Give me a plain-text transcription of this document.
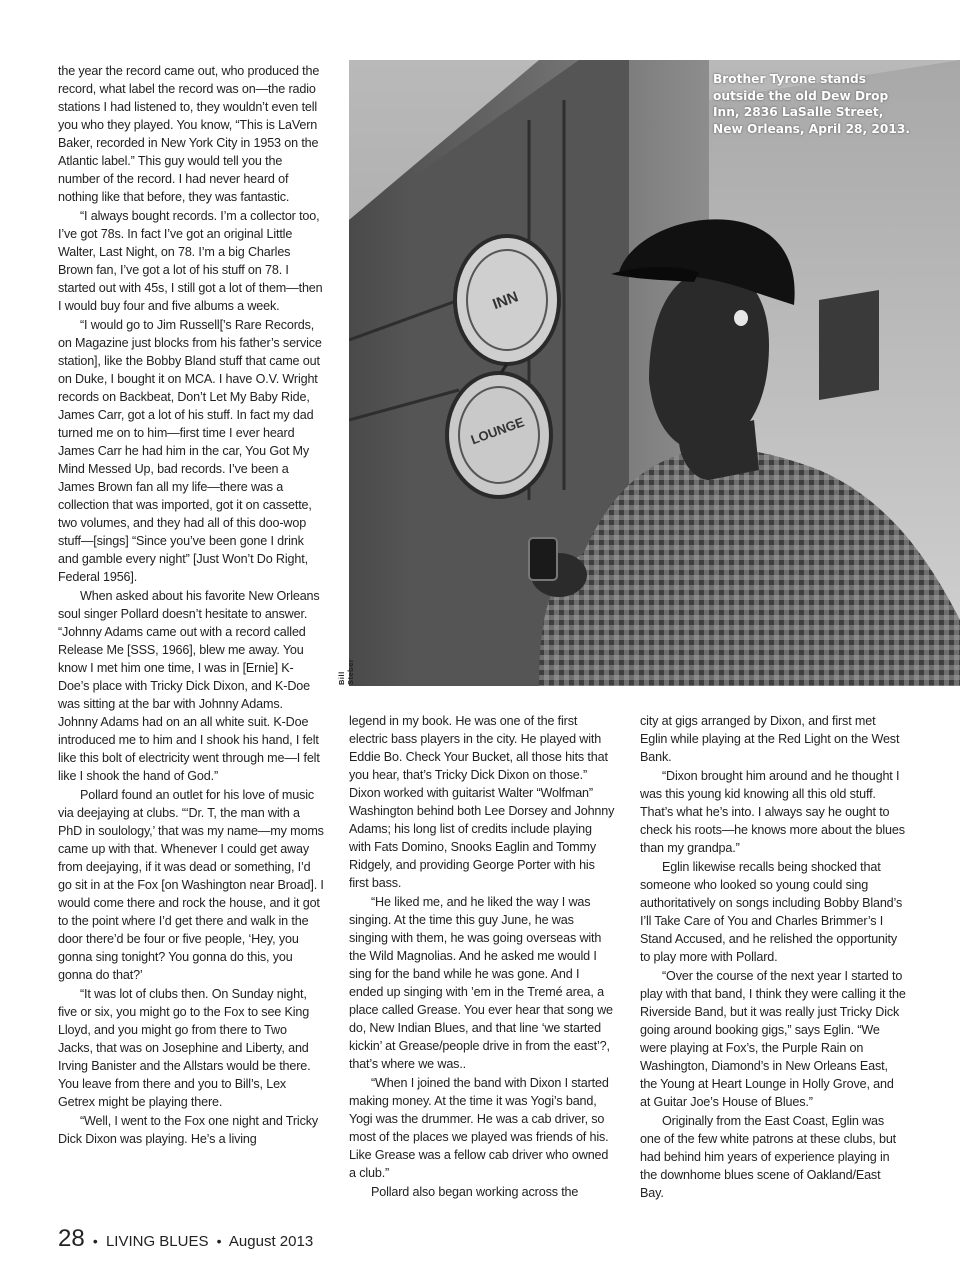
the year the record came out, who produced the record, what label the record was on—the radio stations I had listened to, they wouldn’t even tell you who they played. You know, “This is LaVern Baker, recorded in New York City in 1953 on the Atlantic label.” This guy would tell you the number of the record. I had never heard of nothing like that before, they was fantastic.

“I always bought records. I’m a collector too, I’ve got 78s. In fact I’ve got an original Little Walter, Last Night, on 78. I’m a big Charles Brown fan, I’ve got a lot of his stuff on 78. I started out with 45s, I still got a lot of them—then I would buy four and five albums a week.

“I would go to Jim Russell[’s Rare Records, on Magazine just blocks from his father’s service station], like the Bobby Bland stuff that came out on Duke, I bought it on MCA. I have O.V. Wright records on Backbeat, Don’t Let My Baby Ride, James Carr, got a lot of his stuff. In fact my dad turned me on to him—first time I ever heard James Carr he had him in the car, You Got My Mind Messed Up, bad records. I’ve been a James Brown fan all my life—there was a collection that was imported, got it on cassette, two volumes, and they had all of this doo-wop stuff—[sings] “Since you’ve been gone I drink and gamble every night” [Just Won’t Do Right, Federal 1956].

When asked about his favorite New Orleans soul singer Pollard doesn’t hesitate to answer. “Johnny Adams came out with a record called Release Me [SSS, 1966], blew me away. You know I met him one time, I was in [Ernie] K-Doe’s place with Tricky Dick Dixon, and K-Doe was sitting at the bar with Johnny Adams. Johnny Adams had on an all white suit. K-Doe introduced me to him and I shook his hand, I felt like this bolt of electricity went through me—I felt like I shook the hand of God.”

Pollard found an outlet for his love of music via deejaying at clubs. “‘Dr. T, the man with a PhD in soulology,’ that was my name—my moms came up with that. Whenever I could get away from deejaying, if it was dead or something, I’d go sit in at the Fox [on Washington near Broad]. I would come there and rock the house, and it got to the point where I’d get there and walk in the door there’d be four or five people, ‘Hey, you gonna sing tonight? You gonna do this, you gonna do that?’

“It was lot of clubs then. On Sunday night, five or six, you might go to the Fox to see King Lloyd, and you might go from there to Two Jacks, that was on Josephine and Liberty, and Irving Banister and the Allstars would be there. You leave from there and you to Bill’s, Lex Getrex might be playing there.

“Well, I went to the Fox one night and Tricky Dick Dixon was playing. He’s a living

INN
LOUNGE
Brother Tyrone stands outside the old Dew Drop Inn, 2836 LaSalle Street, New Orleans, April 28, 2013.
Bill Steber

legend in my book. He was one of the first electric bass players in the city. He played with Eddie Bo. Check Your Bucket, all those hits that you hear, that’s Tricky Dick Dixon on those.” Dixon worked with guitarist Walter “Wolfman” Washington behind both Lee Dorsey and Johnny Adams; his long list of credits include playing with Fats Domino, Snooks Eaglin and Tommy Ridgely, and providing George Porter with his first bass.

“He liked me, and he liked the way I was singing. At the time this guy June, he was singing with them, he was going overseas with the Wild Magnolias. And he asked me would I sing for the band while he was gone. And I ended up singing with ’em in the Tremé area, a place called Grease. You ever hear that song we do, New Indian Blues, and that line ‘we started kickin’ at Grease/people drive in from the east’?, that’s where we was..

“When I joined the band with Dixon I started making money. At the time it was Yogi’s band, Yogi was the drummer. He was a cab driver, so most of the places we played was friends of his. Like Grease was a fellow cab driver who owned a club.”

Pollard also began working across the

city at gigs arranged by Dixon, and first met Eglin while playing at the Red Light on the West Bank.

“Dixon brought him around and he thought I was this young kid knowing all this old stuff. That’s what he’s into. I always say he ought to check his roots—he knows more about the blues than my grandpa.”

Eglin likewise recalls being shocked that someone who looked so young could sing authoritatively on songs including Bobby Bland’s I’ll Take Care of You and Charles Brimmer’s I Stand Accused, and he relished the opportunity to play more with Pollard.

“Over the course of the next year I started to play with that band, I think they were calling it the Riverside Band, but it was really just Tricky Dick going around booking gigs,” says Eglin. “We were playing at Fox’s, the Purple Rain on Washington, Diamond’s in New Orleans East, the Young at Heart Lounge in Holly Grove, and at Guitar Joe’s House of Blues.”

Originally from the East Coast, Eglin was one of the few white patrons at these clubs, but had behind him years of experience playing in the downhome blues scene of Oakland/East Bay.

28 • LIVING BLUES • August 2013
